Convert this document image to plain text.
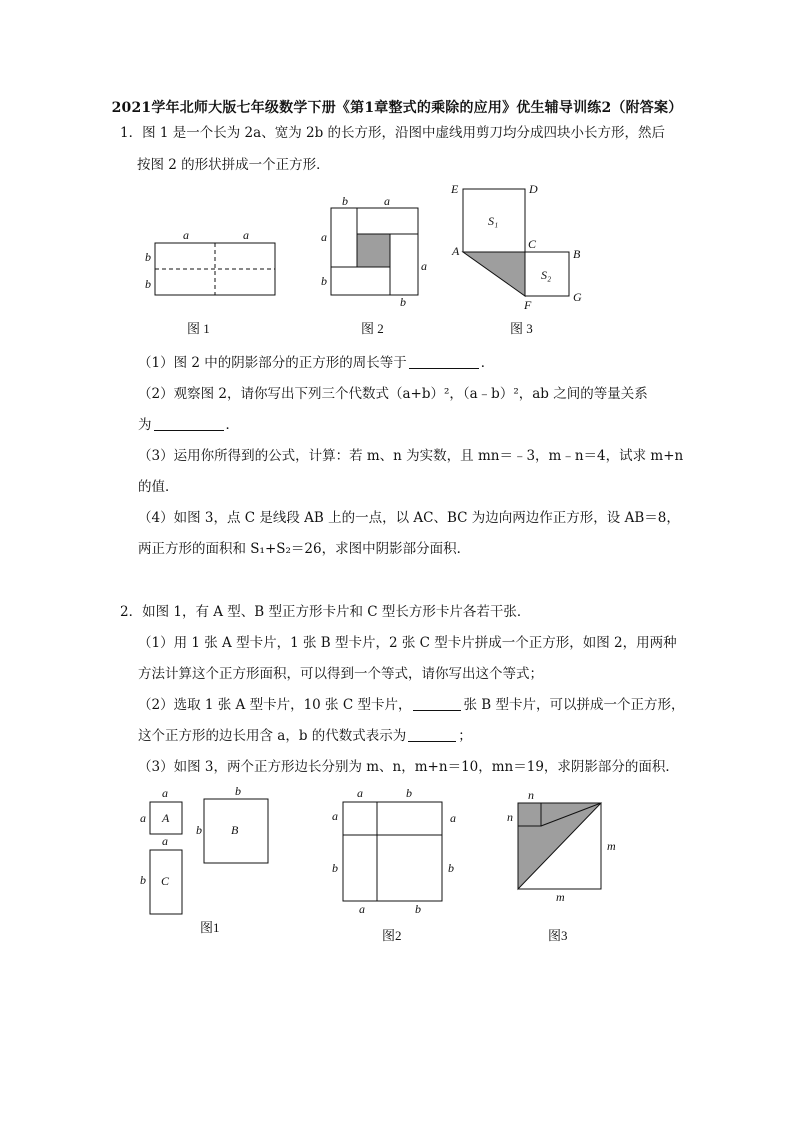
2021学年北师大版七年级数学下册《第1章整式的乘除的应用》优生辅导训练2（附答案）
1．图 1 是一个长为 2a、宽为 2b 的长方形，沿图中虚线用剪刀均分成四块小长方形，然后
按图 2 的形状拼成一个正方形．
a	a
b
b
图 1
b	a
a
b
a
b
图 2
E	D
A	C
B
F
G
S₁
S₂
图 3
（1）图 2 中的阴影部分的正方形的周长等于	．
（2）观察图 2，请你写出下列三个代数式（a+b）²，（a﹣b）²，ab 之间的等量关系
为	．
（3）运用你所得到的公式，计算：若 m、n 为实数，且 mn＝﹣3，m﹣n＝4，试求 m+n
的值．
（4）如图 3，点 C 是线段 AB 上的一点，以 AC、BC 为边向两边作正方形，设 AB＝8，
两正方形的面积和 S₁+S₂＝26，求图中阴影部分面积．
2．如图 1，有 A 型、B 型正方形卡片和 C 型长方形卡片各若干张．
（1）用 1 张 A 型卡片，1 张 B 型卡片，2 张 C 型卡片拼成一个正方形，如图 2，用两种
方法计算这个正方形面积，可以得到一个等式，请你写出这个等式；
（2）选取 1 张 A 型卡片，10 张 C 型卡片，	张 B 型卡片，可以拼成一个正方形，
这个正方形的边长用含 a，b 的代数式表示为	；
（3）如图 3，两个正方形边长分别为 m、n，m+n＝10，mn＝19，求阴影部分的面积．
a
a A
b
b B
a
b C
图1
a	b
a
b
a
b
a	b
图2
n
n
m
m
图3
